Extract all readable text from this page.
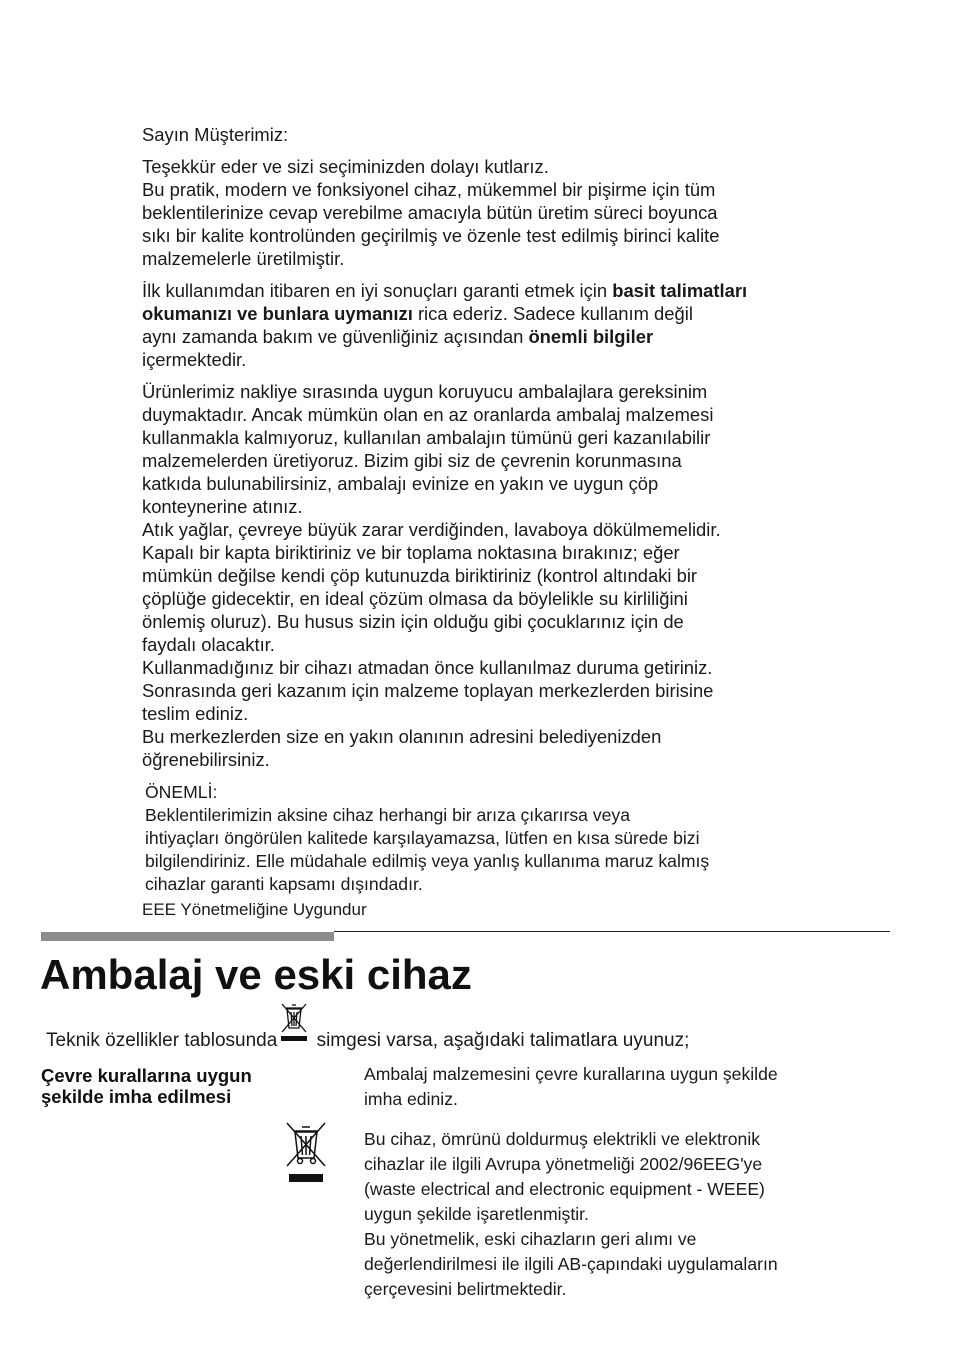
Sayın Müşterimiz:

Teşekkür eder ve sizi seçiminizden dolayı kutlarız.

Bu pratik, modern ve fonksiyonel cihaz, mükemmel bir pişirme için tüm

beklentilerinize cevap verebilme amacıyla bütün üretim süreci boyunca

sıkı bir kalite kontrolünden geçirilmiş ve özenle test edilmiş birinci kalite

malzemelerle üretilmiştir.

İlk kullanımdan itibaren en iyi sonuçları garanti etmek için basit talimatları

okumanızı ve bunlara uymanızı rica ederiz. Sadece kullanım değil

aynı zamanda bakım ve güvenliğiniz açısından önemli bilgiler

içermektedir.

Ürünlerimiz nakliye sırasında uygun koruyucu ambalajlara gereksinim

duymaktadır. Ancak mümkün olan en az oranlarda ambalaj malzemesi

kullanmakla kalmıyoruz, kullanılan ambalajın tümünü geri kazanılabilir

malzemelerden üretiyoruz. Bizim gibi siz de çevrenin korunmasına

katkıda bulunabilirsiniz, ambalajı evinize en yakın ve uygun çöp

konteynerine atınız.

Atık yağlar, çevreye büyük zarar verdiğinden, lavaboya dökülmemelidir.

Kapalı bir kapta biriktiriniz ve bir toplama noktasına bırakınız; eğer

mümkün değilse kendi çöp kutunuzda biriktiriniz (kontrol altındaki bir

çöplüğe gidecektir, en ideal çözüm olmasa da böylelikle su kirliliğini

önlemiş oluruz). Bu husus sizin için olduğu gibi çocuklarınız için de

faydalı olacaktır.

Kullanmadığınız bir cihazı atmadan önce kullanılmaz duruma getiriniz.

Sonrasında geri kazanım için malzeme toplayan merkezlerden birisine

teslim ediniz.

Bu merkezlerden size en yakın olanının adresini belediyenizden

öğrenebilirsiniz.

ÖNEMLİ:

Beklentilerimizin aksine cihaz herhangi bir arıza çıkarırsa veya

ihtiyaçları öngörülen kalitede karşılayamazsa, lütfen en kısa sürede bizi

bilgilendiriniz. Elle müdahale edilmiş veya yanlış kullanıma maruz kalmış

cihazlar garanti kapsamı dışındadır.

EEE Yönetmeliğine Uygundur
Ambalaj ve eski cihaz
Teknik özellikler tablosunda simgesi varsa, aşağıdaki talimatlara uyunuz;
Çevre kurallarına uygun
şekilde imha edilmesi

Ambalaj malzemesini çevre kurallarına uygun şekilde

imha ediniz.

Bu cihaz, ömrünü doldurmuş elektrikli ve elektronik

cihazlar ile ilgili Avrupa yönetmeliği 2002/96EEG'ye

(waste electrical and electronic equipment - WEEE)

uygun şekilde işaretlenmiştir.

Bu yönetmelik, eski cihazların geri alımı ve

değerlendirilmesi ile ilgili AB-çapındaki uygulamaların

çerçevesini belirtmektedir.
